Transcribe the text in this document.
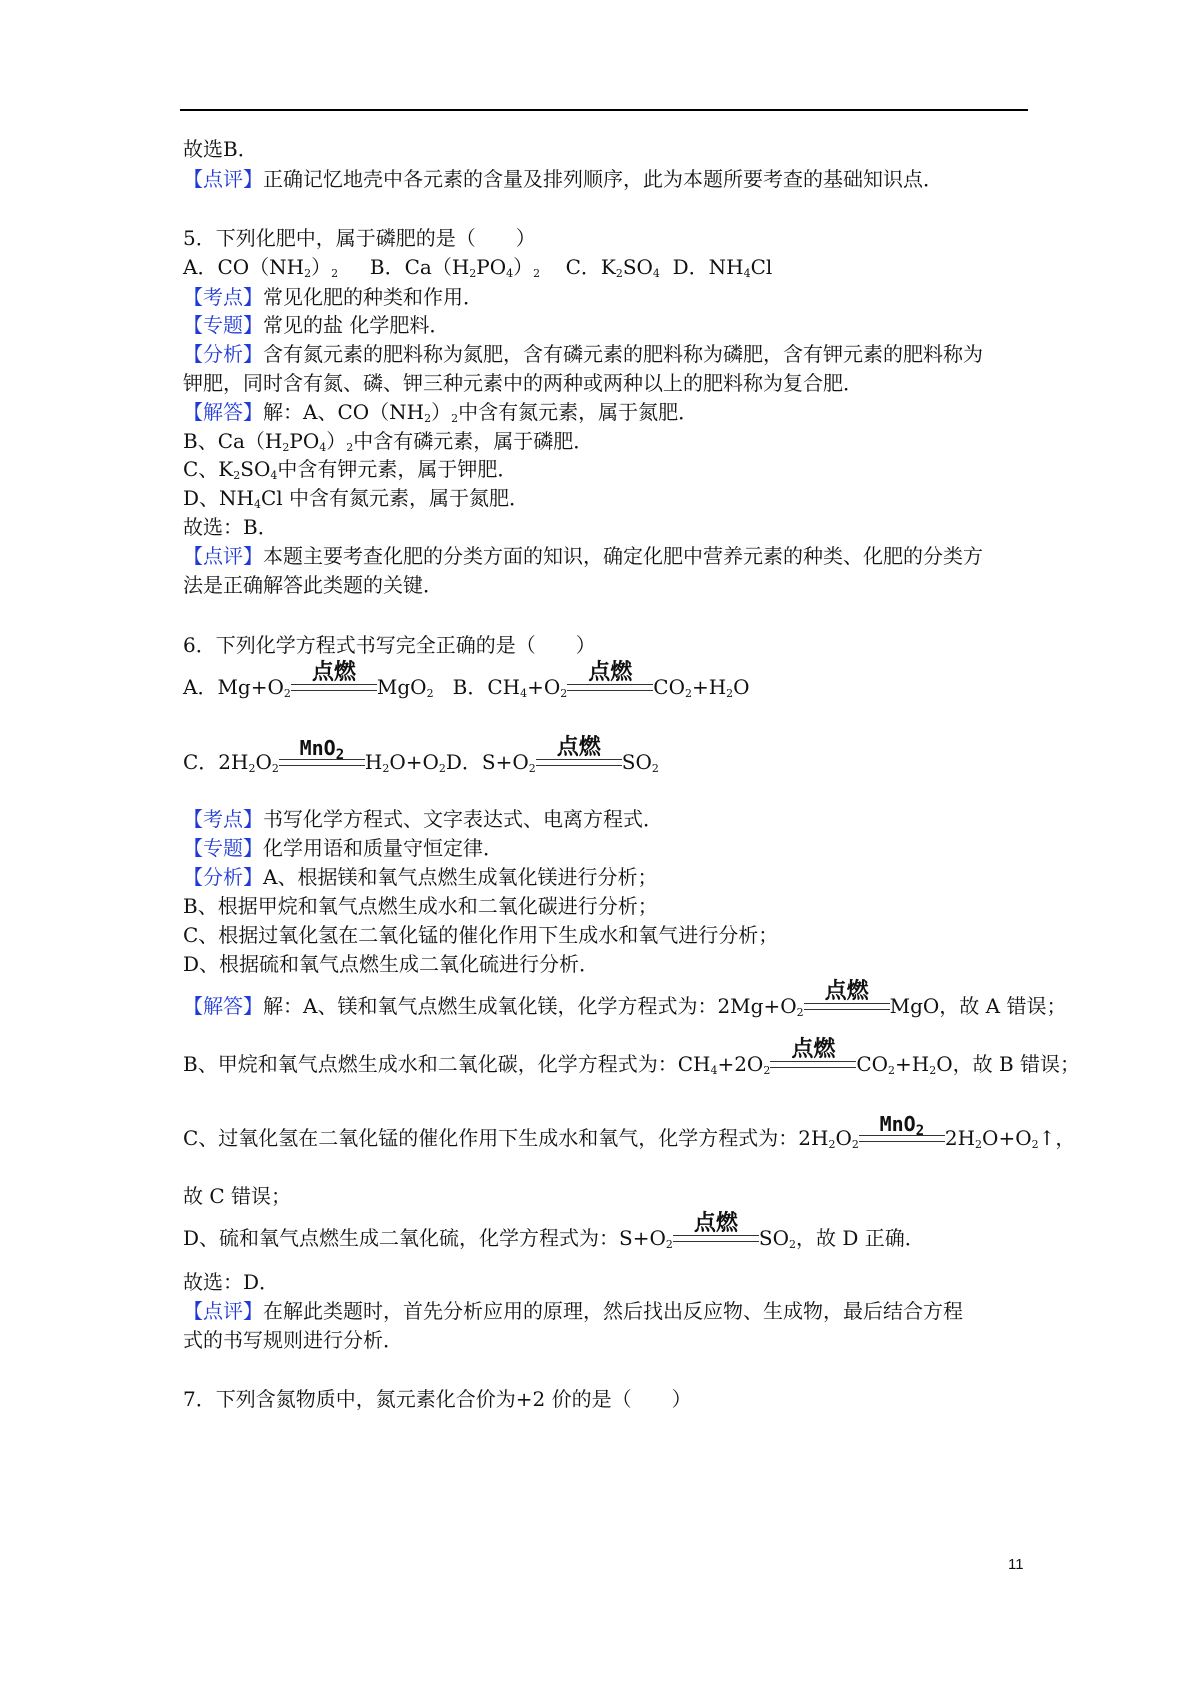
故选B．
【点评】正确记忆地壳中各元素的含量及排列顺序，此为本题所要考查的基础知识点．
5．下列化肥中，属于磷肥的是（　　）
A．$CO(NH_2)_2$ B．$Ca(H_2PO_4)_2$ C．$K_2SO_4$ D．$NH_4Cl$
【考点】常见化肥的种类和作用．
【专题】常见的盐 化学肥料．
【分析】含有氮元素的肥料称为氮肥，含有磷元素的肥料称为磷肥，含有钾元素的肥料称为
钾肥，同时含有氮、磷、钾三种元素中的两种或两种以上的肥料称为复合肥．
【解答】解：A、$CO(NH_2)_2$中含有氮元素，属于氮肥．
B、$Ca(H_2PO_4)_2$中含有磷元素，属于磷肥．
C、$K_2SO_4$中含有钾元素，属于钾肥．
D、$NH_4Cl$ 中含有氮元素，属于氮肥．
故选：B．
【点评】本题主要考查化肥的分类方面的知识，确定化肥中营养元素的种类、化肥的分类方
法是正确解答此类题的关键．
6．下列化学方程式书写完全正确的是（　　）
A．$Mg+O_2$
点燃
MgO$_2$ B．$CH_4+O_2$
点燃
$CO_2+H_2O$
C．$2H_2O_2$
MnO$_2$	$H_2O+O_2D$．$S+O_2$
点燃
$SO_2$
【考点】书写化学方程式、文字表达式、电离方程式．
【专题】化学用语和质量守恒定律．
【分析】A、根据镁和氧气点燃生成氧化镁进行分析；
B、根据甲烷和氧气点燃生成水和二氧化碳进行分析；
C、根据过氧化氢在二氧化锰的催化作用下生成水和氧气进行分析；
D、根据硫和氧气点燃生成二氧化硫进行分析．
【解答】解：A、镁和氧气点燃生成氧化镁，化学方程式为：$2Mg+O_2$
点燃
MgO，故 A 错误；
B、甲烷和氧气点燃生成水和二氧化碳，化学方程式为：$CH_4+2O_2$
点燃
$CO_2+H_2O$，故 B 错误；
C、过氧化氢在二氧化锰的催化作用下生成水和氧气，化学方程式为：$2H_2O_2$
MnO$_2$	$2H_2O+O_2↑$，
故 C 错误；
D、硫和氧气点燃生成二氧化硫，化学方程式为：$S+O_2$
点燃
$SO_2$，故 D 正确．
故选：D．
【点评】在解此类题时，首先分析应用的原理，然后找出反应物、生成物，最后结合方程
式的书写规则进行分析．
7．下列含氮物质中，氮元素化合价为+2 价的是（　　）
11
